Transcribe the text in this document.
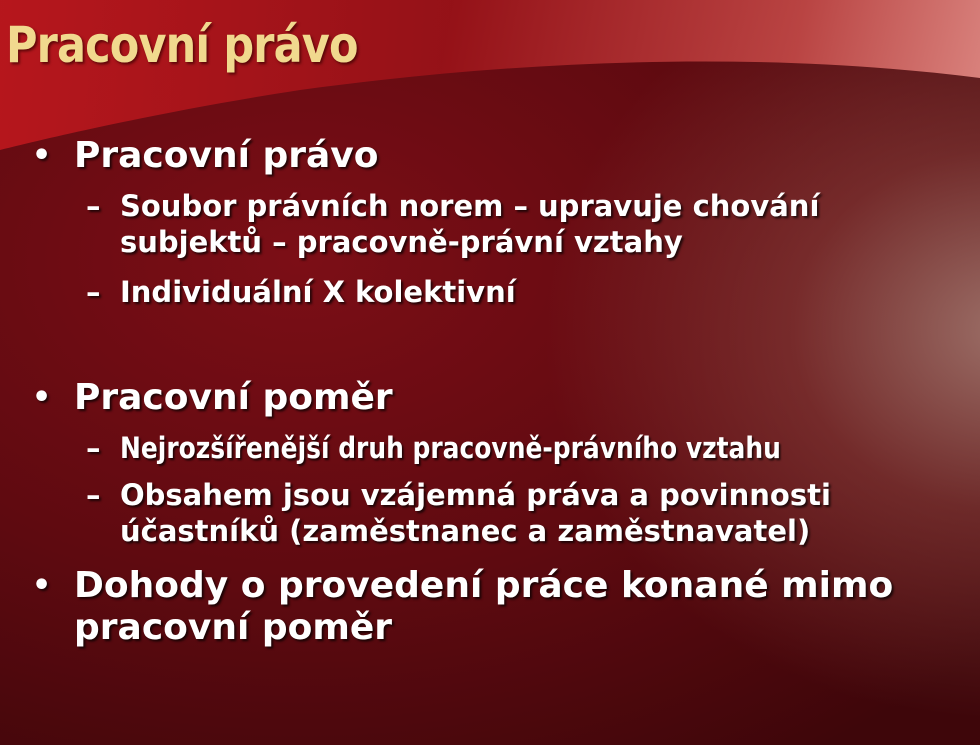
Pracovní právo
• Pracovní právo
– Soubor právních norem – upravuje chování subjektů – pracovně-právní vztahy
– Individuální X kolektivní
• Pracovní poměr
– Nejrozšířenější druh pracovně-právního vztahu
– Obsahem jsou vzájemná práva a povinnosti účastníků (zaměstnanec a zaměstnavatel)
• Dohody o provedení práce konané mimo pracovní poměr
